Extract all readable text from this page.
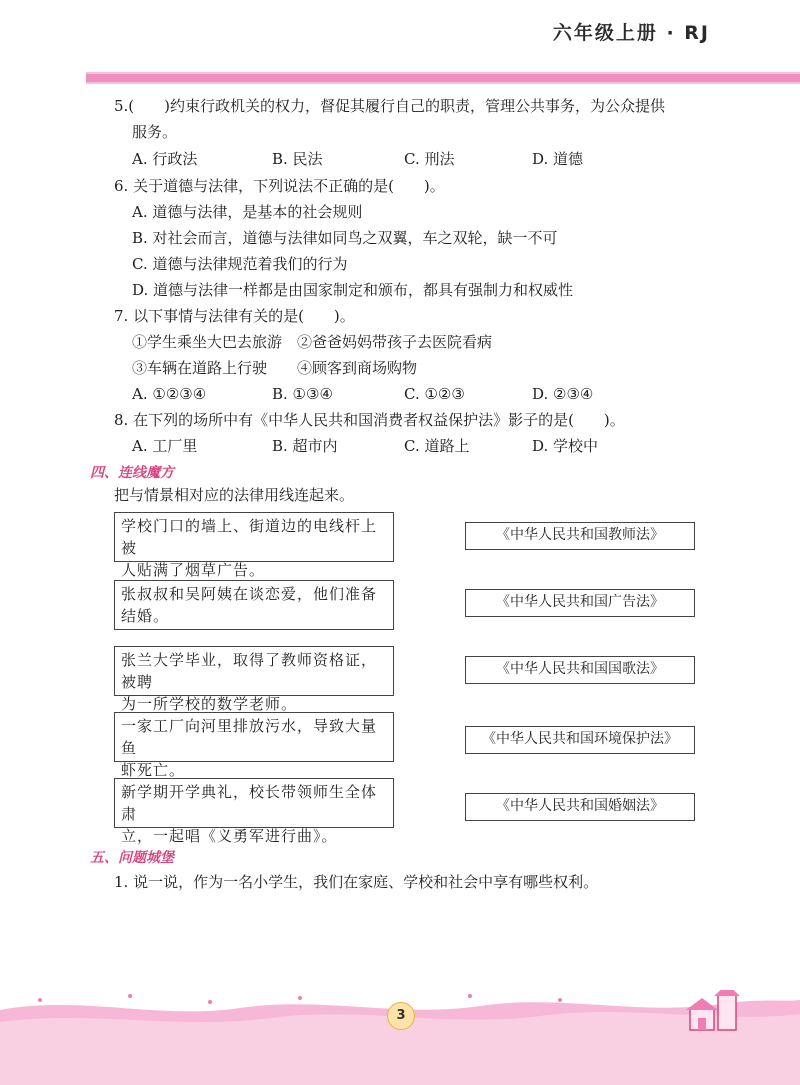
六年级上册 · RJ
5.(　　)约束行政机关的权力，督促其履行自己的职责，管理公共事务，为公众提供
服务。
A. 行政法	B. 民法	C. 刑法	D. 道德
6. 关于道德与法律，下列说法不正确的是(　　)。
A. 道德与法律，是基本的社会规则
B. 对社会而言，道德与法律如同鸟之双翼，车之双轮，缺一不可
C. 道德与法律规范着我们的行为
D. 道德与法律一样都是由国家制定和颁布，都具有强制力和权威性
7. 以下事情与法律有关的是(　　)。
①学生乘坐大巴去旅游　②爸爸妈妈带孩子去医院看病
③车辆在道路上行驶　　④顾客到商场购物
A. ①②③④	B. ①③④	C. ①②③	D. ②③④
8. 在下列的场所中有《中华人民共和国消费者权益保护法》影子的是(　　)。
A. 工厂里	B. 超市内	C. 道路上	D. 学校中
四、连线魔方
把与情景相对应的法律用线连起来。
学校门口的墙上、街道边的电线杆上被
人贴满了烟草广告。
张叔叔和吴阿姨在谈恋爱，他们准备
结婚。
张兰大学毕业，取得了教师资格证，被聘
为一所学校的数学老师。
一家工厂向河里排放污水，导致大量鱼
虾死亡。
新学期开学典礼，校长带领师生全体肃
立，一起唱《义勇军进行曲》。
《中华人民共和国教师法》
《中华人民共和国广告法》
《中华人民共和国国歌法》
《中华人民共和国环境保护法》
《中华人民共和国婚姻法》
五、问题城堡
1. 说一说，作为一名小学生，我们在家庭、学校和社会中享有哪些权利。
3
